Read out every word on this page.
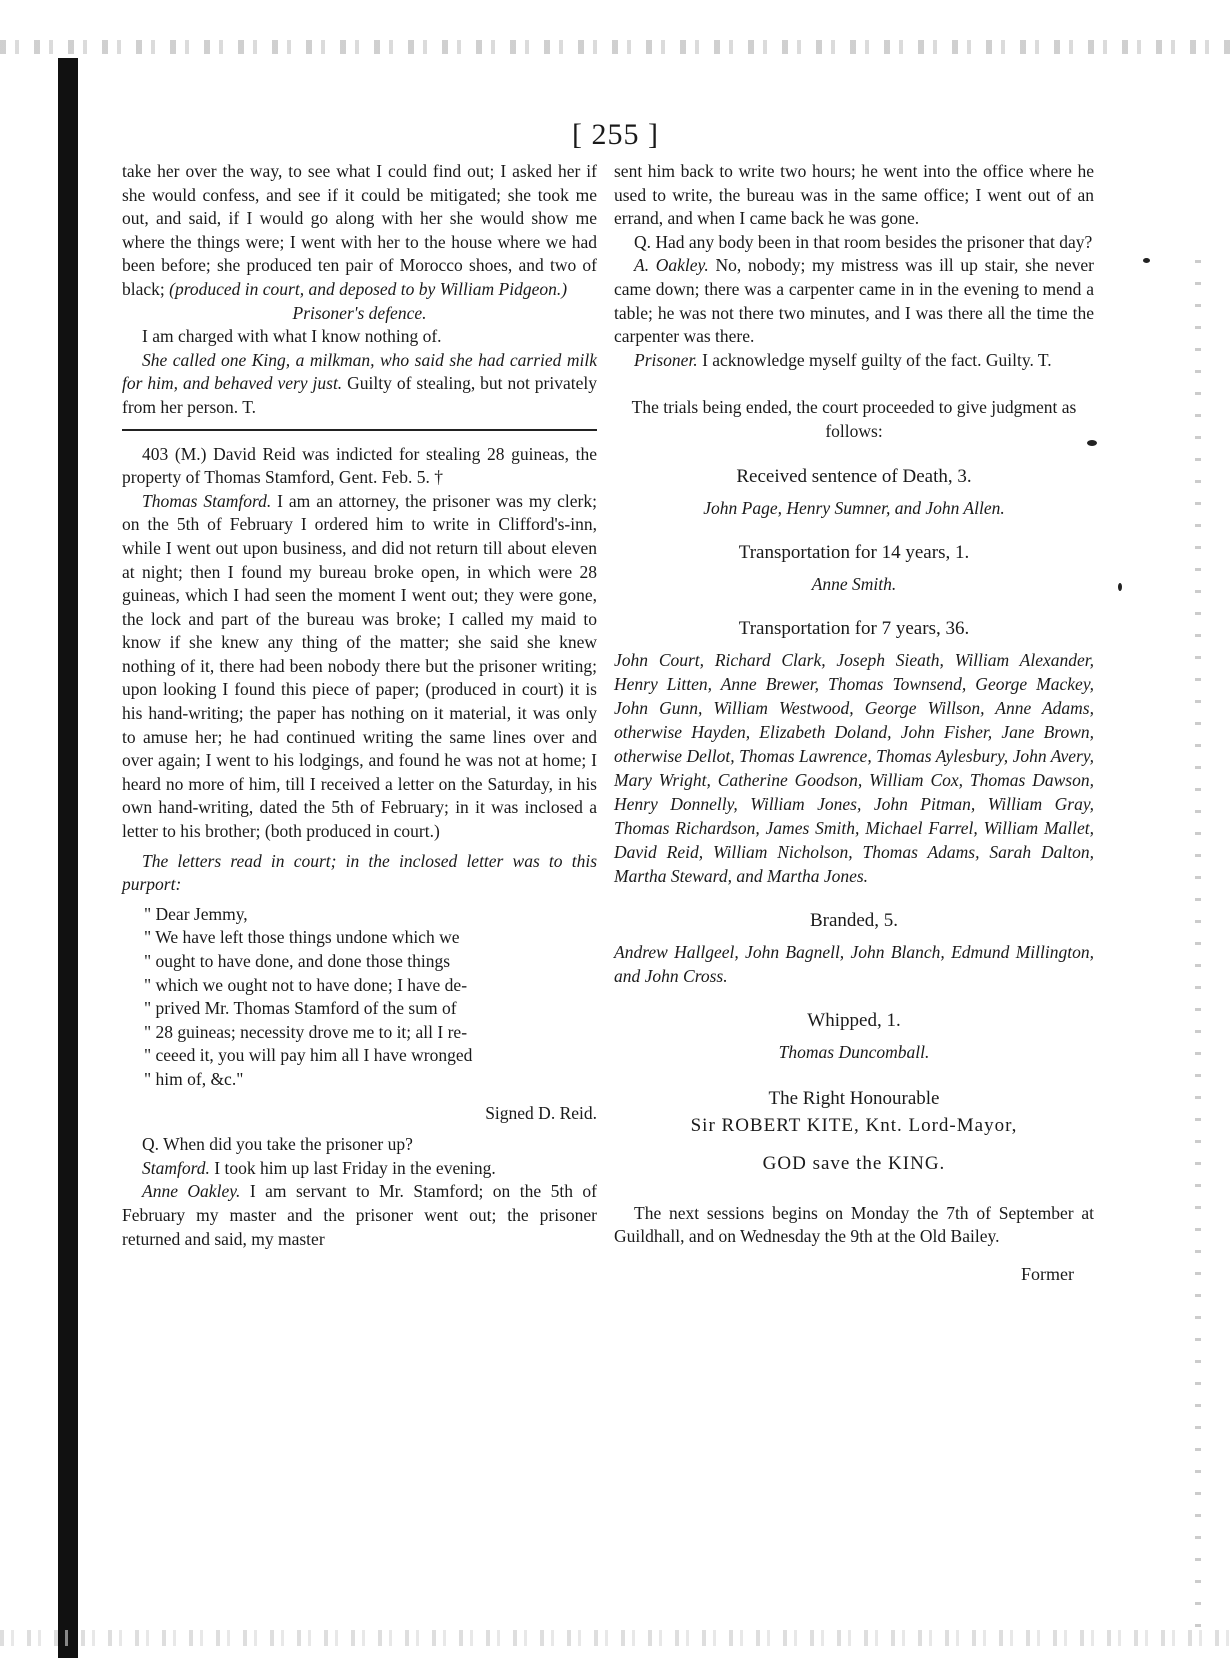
[ 255 ]

take her over the way, to see what I could find out; I asked her if she would confess, and see if it could be mitigated; she took me out, and said, if I would go along with her she would show me where the things were; I went with her to the house where we had been before; she produced ten pair of Morocco shoes, and two of black; (produced in court, and deposed to by William Pidgeon.)

Prisoner's defence.

I am charged with what I know nothing of.

She called one King, a milkman, who said she had carried milk for him, and behaved very just. Guilty of stealing, but not privately from her person. T.

403 (M.) David Reid was indicted for stealing 28 guineas, the property of Thomas Stamford, Gent. Feb. 5. †

Thomas Stamford. I am an attorney, the prisoner was my clerk; on the 5th of February I ordered him to write in Clifford's-inn, while I went out upon business, and did not return till about eleven at night; then I found my bureau broke open, in which were 28 guineas, which I had seen the moment I went out; they were gone, the lock and part of the bureau was broke; I called my maid to know if she knew any thing of the matter; she said she knew nothing of it, there had been nobody there but the prisoner writing; upon looking I found this piece of paper; (produced in court) it is his hand-writing; the paper has nothing on it material, it was only to amuse her; he had continued writing the same lines over and over again; I went to his lodgings, and found he was not at home; I heard no more of him, till I received a letter on the Saturday, in his own hand-writing, dated the 5th of February; in it was inclosed a letter to his brother; (both produced in court.)

The letters read in court; in the inclosed letter was to this purport:

" Dear Jemmy,

" We have left those things undone which we

" ought to have done, and done those things

" which we ought not to have done; I have de-

" prived Mr. Thomas Stamford of the sum of

" 28 guineas; necessity drove me to it; all I re-

" ceeed it, you will pay him all I have wronged

" him of, &c."

Signed D. Reid.

Q. When did you take the prisoner up?

Stamford. I took him up last Friday in the evening.

Anne Oakley. I am servant to Mr. Stamford; on the 5th of February my master and the prisoner went out; the prisoner returned and said, my master

sent him back to write two hours; he went into the office where he used to write, the bureau was in the same office; I went out of an errand, and when I came back he was gone.

Q. Had any body been in that room besides the prisoner that day?

A. Oakley. No, nobody; my mistress was ill up stair, she never came down; there was a carpenter came in in the evening to mend a table; he was not there two minutes, and I was there all the time the carpenter was there.

Prisoner. I acknowledge myself guilty of the fact. Guilty. T.

The trials being ended, the court proceeded to give judgment as follows:

Received sentence of Death, 3.

John Page, Henry Sumner, and John Allen.

Transportation for 14 years, 1.

Anne Smith.

Transportation for 7 years, 36.

John Court, Richard Clark, Joseph Sieath, William Alexander, Henry Litten, Anne Brewer, Thomas Townsend, George Mackey, John Gunn, William Westwood, George Willson, Anne Adams, otherwise Hayden, Elizabeth Doland, John Fisher, Jane Brown, otherwise Dellot, Thomas Lawrence, Thomas Aylesbury, John Avery, Mary Wright, Catherine Goodson, William Cox, Thomas Dawson, Henry Donnelly, William Jones, John Pitman, William Gray, Thomas Richardson, James Smith, Michael Farrel, William Mallet, David Reid, William Nicholson, Thomas Adams, Sarah Dalton, Martha Steward, and Martha Jones.

Branded, 5.

Andrew Hallgeel, John Bagnell, John Blanch, Edmund Millington, and John Cross.

Whipped, 1.

Thomas Duncomball.

The Right Honourable

Sir ROBERT KITE, Knt. Lord-Mayor,

GOD save the KING.

The next sessions begins on Monday the 7th of September at Guildhall, and on Wednesday the 9th at the Old Bailey.

Former
